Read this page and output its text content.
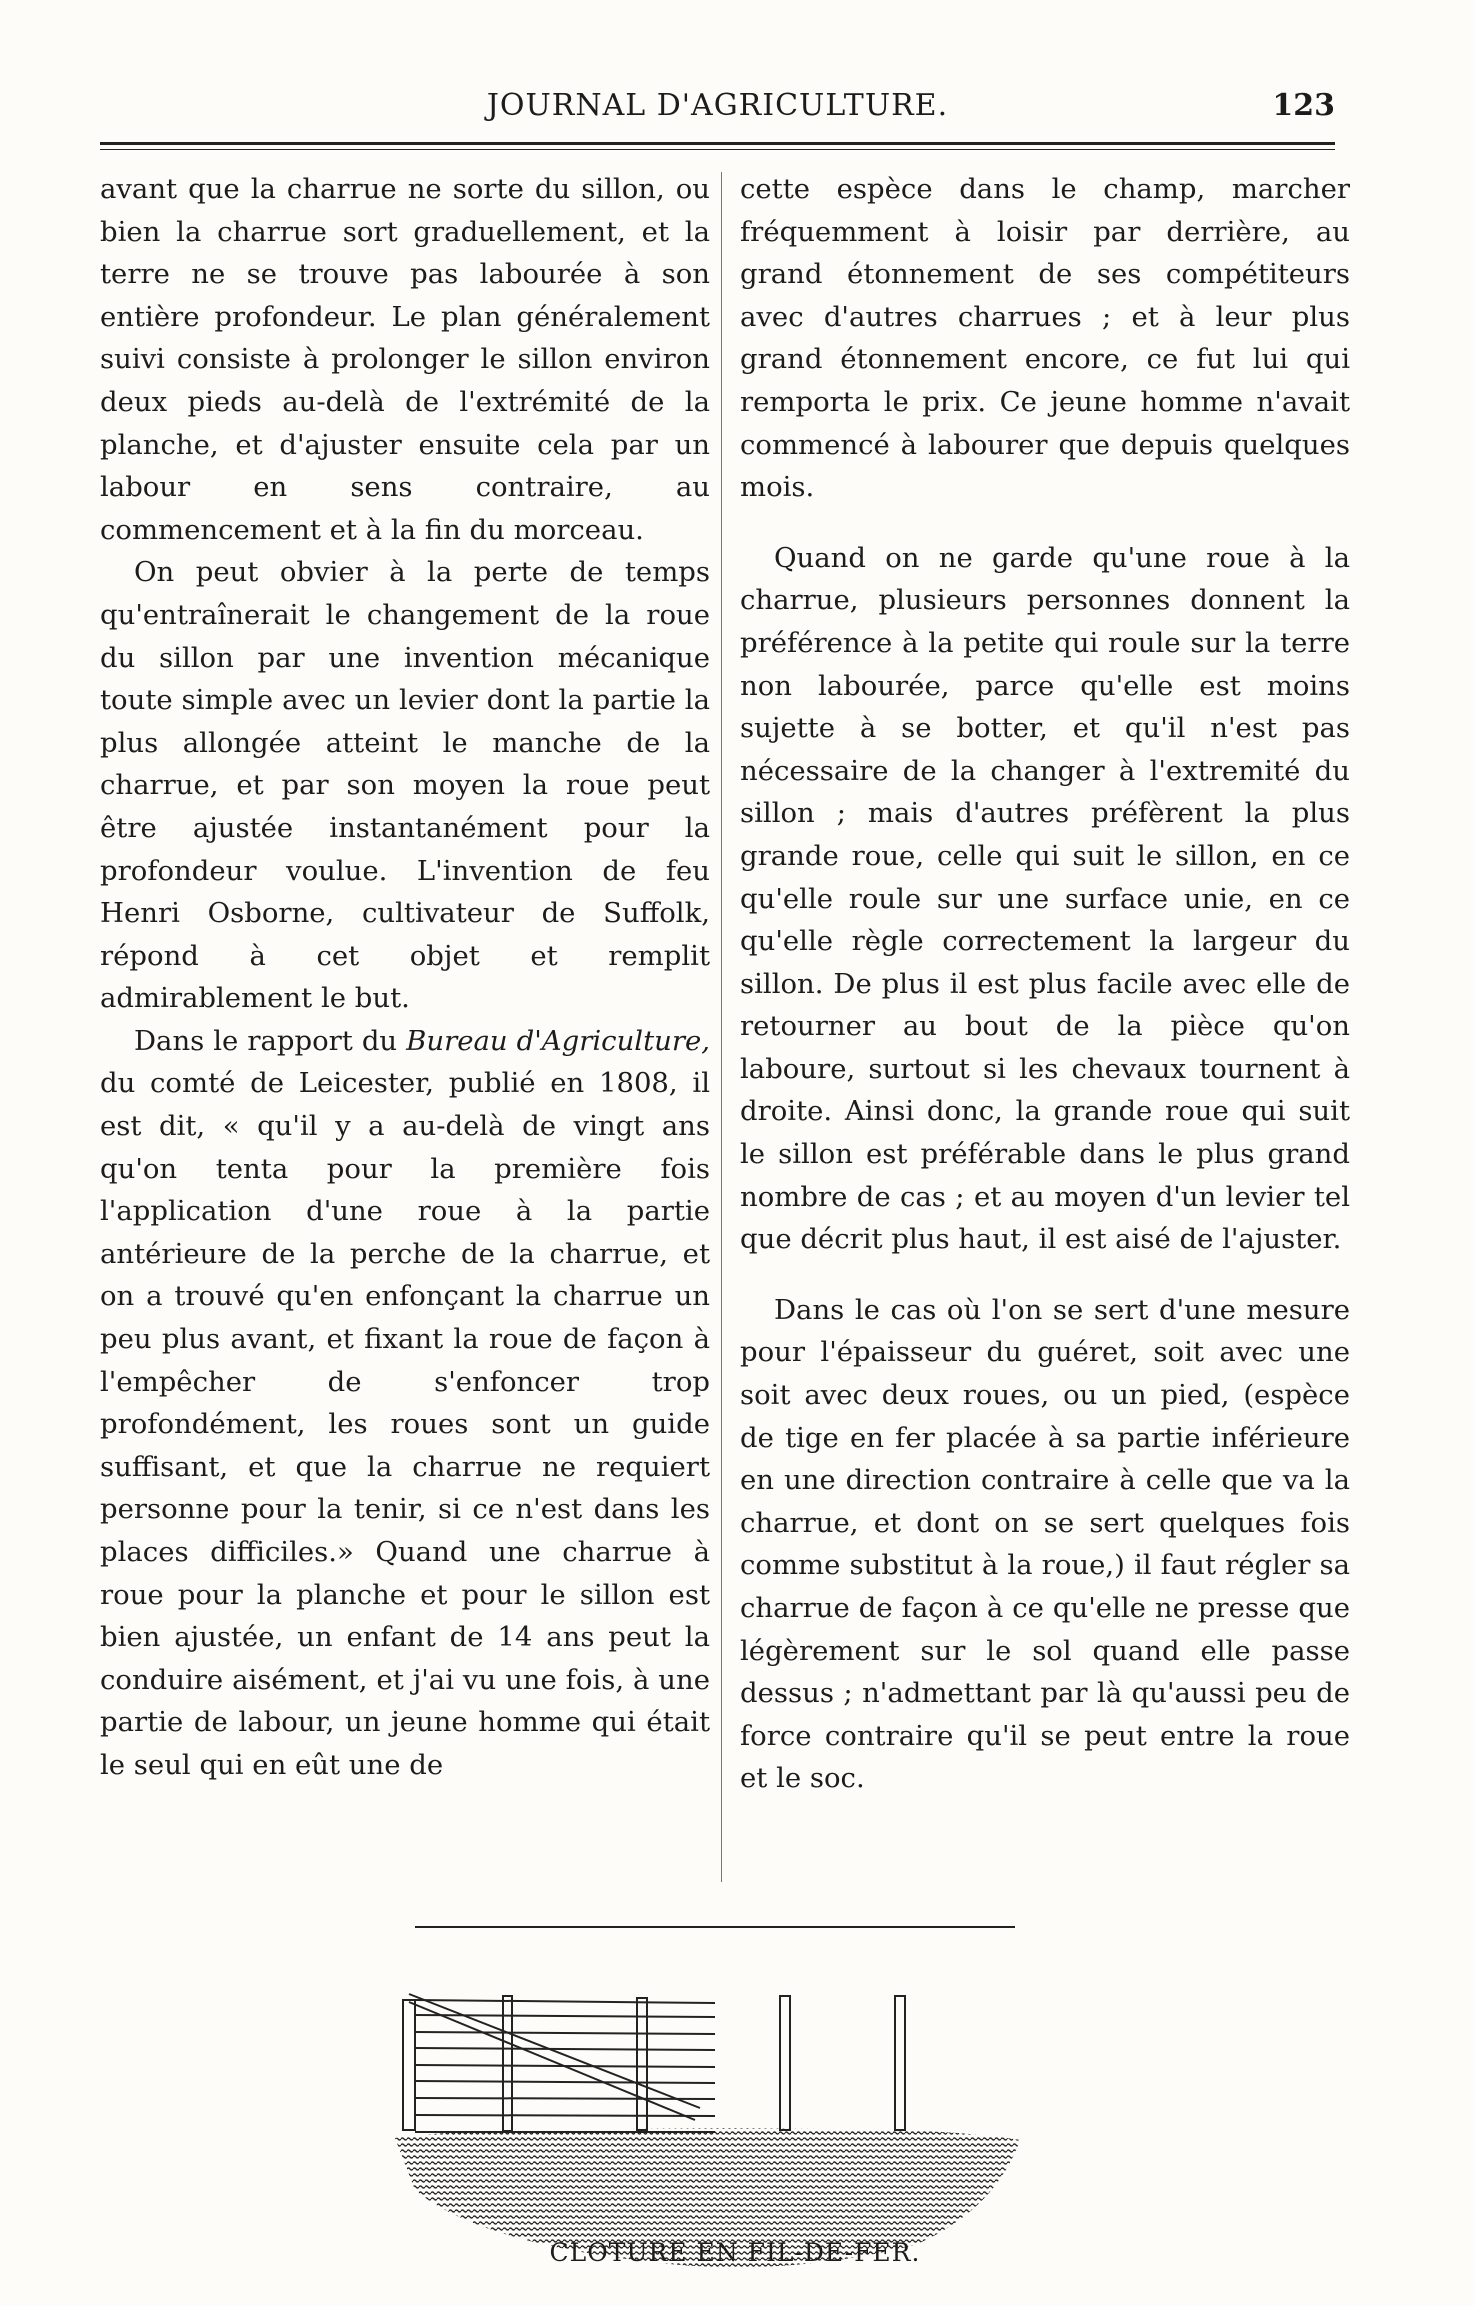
JOURNAL D'AGRICULTURE.	123

avant que la charrue ne sorte du sillon, ou bien la charrue sort graduellement, et la terre ne se trouve pas labourée à son entière profondeur. Le plan généralement suivi consiste à prolonger le sillon environ deux pieds au-delà de l'extrémité de la planche, et d'ajuster ensuite cela par un labour en sens contraire, au commencement et à la fin du morceau.

On peut obvier à la perte de temps qu'entraînerait le changement de la roue du sillon par une invention mécanique toute simple avec un levier dont la partie la plus allongée atteint le manche de la charrue, et par son moyen la roue peut être ajustée instantanément pour la profondeur voulue. L'invention de feu Henri Osborne, cultivateur de Suffolk, répond à cet objet et remplit admirablement le but.

Dans le rapport du Bureau d'Agriculture, du comté de Leicester, publié en 1808, il est dit, « qu'il y a au-delà de vingt ans qu'on tenta pour la première fois l'application d'une roue à la partie antérieure de la perche de la charrue, et on a trouvé qu'en enfonçant la charrue un peu plus avant, et fixant la roue de façon à l'empêcher de s'enfoncer trop profondément, les roues sont un guide suffisant, et que la charrue ne requiert personne pour la tenir, si ce n'est dans les places difficiles.» Quand une charrue à roue pour la planche et pour le sillon est bien ajustée, un enfant de 14 ans peut la conduire aisément, et j'ai vu une fois, à une partie de labour, un jeune homme qui était le seul qui en eût une de

cette espèce dans le champ, marcher fréquemment à loisir par derrière, au grand étonnement de ses compétiteurs avec d'autres charrues ; et à leur plus grand étonnement encore, ce fut lui qui remporta le prix. Ce jeune homme n'avait commencé à labourer que depuis quelques mois.

Quand on ne garde qu'une roue à la charrue, plusieurs personnes donnent la préférence à la petite qui roule sur la terre non labourée, parce qu'elle est moins sujette à se botter, et qu'il n'est pas nécessaire de la changer à l'extremité du sillon ; mais d'autres préfèrent la plus grande roue, celle qui suit le sillon, en ce qu'elle roule sur une surface unie, en ce qu'elle règle correctement la largeur du sillon. De plus il est plus facile avec elle de retourner au bout de la pièce qu'on laboure, surtout si les chevaux tournent à droite. Ainsi donc, la grande roue qui suit le sillon est préférable dans le plus grand nombre de cas ; et au moyen d'un levier tel que décrit plus haut, il est aisé de l'ajuster.

Dans le cas où l'on se sert d'une mesure pour l'épaisseur du guéret, soit avec une soit avec deux roues, ou un pied, (espèce de tige en fer placée à sa partie inférieure en une direction contraire à celle que va la charrue, et dont on se sert quelques fois comme substitut à la roue,) il faut régler sa charrue de façon à ce qu'elle ne presse que légèrement sur le sol quand elle passe dessus ; n'admettant par là qu'aussi peu de force contraire qu'il se peut entre la roue et le soc.

CLOTURE EN FIL-DE-FER.
